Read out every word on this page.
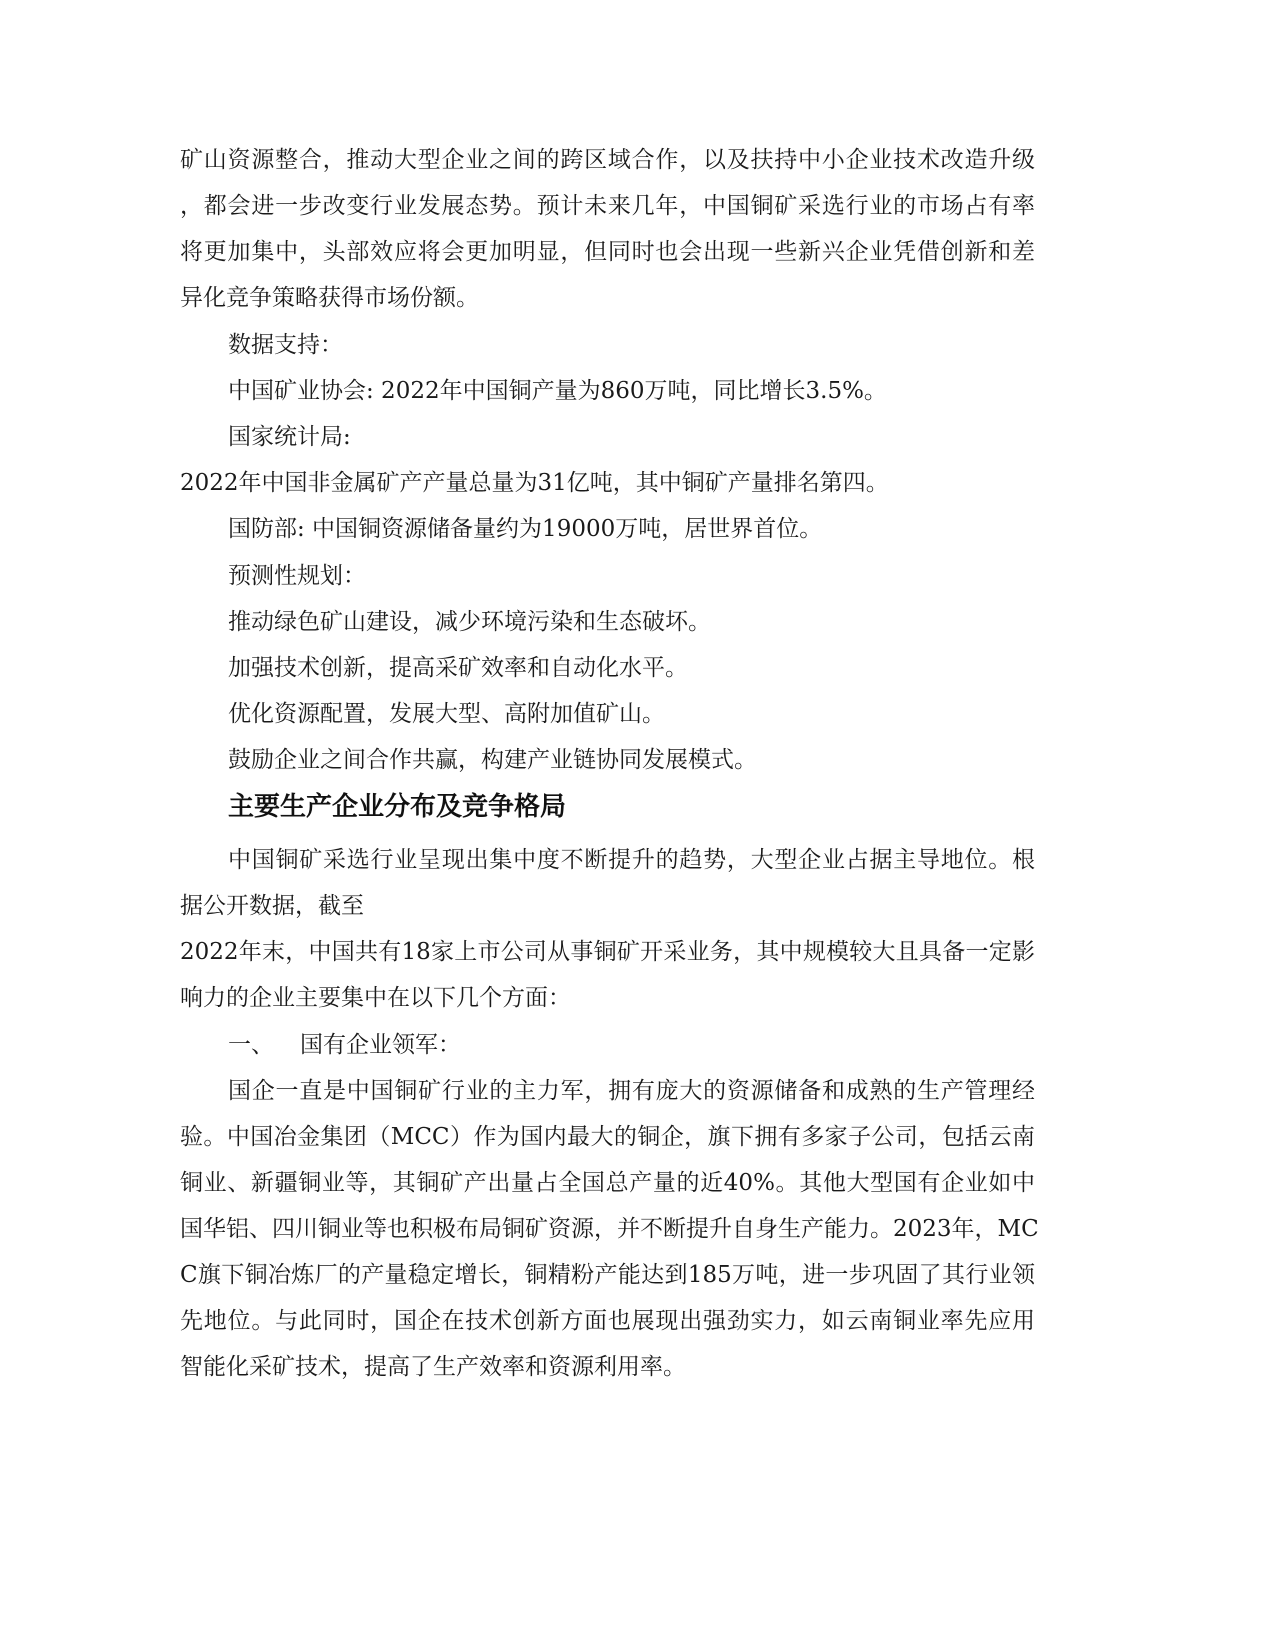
矿山资源整合，推动大型企业之间的跨区域合作，以及扶持中小企业技术改造升级
，都会进一步改变行业发展态势。预计未来几年，中国铜矿采选行业的市场占有率
将更加集中，头部效应将会更加明显，但同时也会出现一些新兴企业凭借创新和差
异化竞争策略获得市场份额。
数据支持：
中国矿业协会: 2022年中国铜产量为860万吨，同比增长3.5%。
国家统计局:
2022年中国非金属矿产产量总量为31亿吨，其中铜矿产量排名第四。
国防部: 中国铜资源储备量约为19000万吨，居世界首位。
预测性规划：
推动绿色矿山建设，减少环境污染和生态破坏。
加强技术创新，提高采矿效率和自动化水平。
优化资源配置，发展大型、高附加值矿山。
鼓励企业之间合作共赢，构建产业链协同发展模式。
主要生产企业分布及竞争格局
中国铜矿采选行业呈现出集中度不断提升的趋势，大型企业占据主导地位。根
据公开数据，截至
2022年末，中国共有18家上市公司从事铜矿开采业务，其中规模较大且具备一定影
响力的企业主要集中在以下几个方面：
一、 国有企业领军：
国企一直是中国铜矿行业的主力军，拥有庞大的资源储备和成熟的生产管理经
验。中国冶金集团（MCC）作为国内最大的铜企，旗下拥有多家子公司，包括云南
铜业、新疆铜业等，其铜矿产出量占全国总产量的近40%。其他大型国有企业如中
国华铝、四川铜业等也积极布局铜矿资源，并不断提升自身生产能力。2023年，MC
C旗下铜冶炼厂的产量稳定增长，铜精粉产能达到185万吨，进一步巩固了其行业领
先地位。与此同时，国企在技术创新方面也展现出强劲实力，如云南铜业率先应用
智能化采矿技术，提高了生产效率和资源利用率。
